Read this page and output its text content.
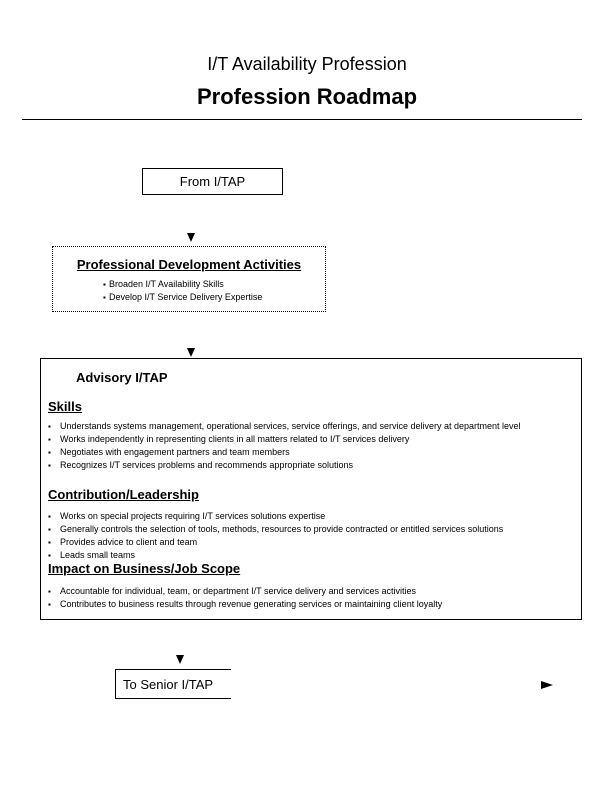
I/T Availability Profession
Profession Roadmap
From I/TAP
Professional Development Activities
▪ Broaden I/T Availability Skills
▪ Develop I/T Service Delivery Expertise
Advisory I/TAP
Skills
▪ Understands systems management, operational services, service offerings, and service delivery at department level
▪ Works independently in representing clients in all matters related to I/T services delivery
▪ Negotiates with engagement partners and team members
▪ Recognizes I/T services problems and recommends appropriate solutions
Contribution/Leadership
▪ Works on special projects requiring I/T services solutions expertise
▪ Generally controls the selection of tools, methods, resources to provide contracted or entitled services solutions
▪ Provides advice to client and team
▪ Leads small teams
Impact on Business/Job Scope
▪ Accountable for individual, team, or department I/T service delivery and services activities
▪ Contributes to business results through revenue generating services or maintaining client loyalty
To Senior I/TAP
